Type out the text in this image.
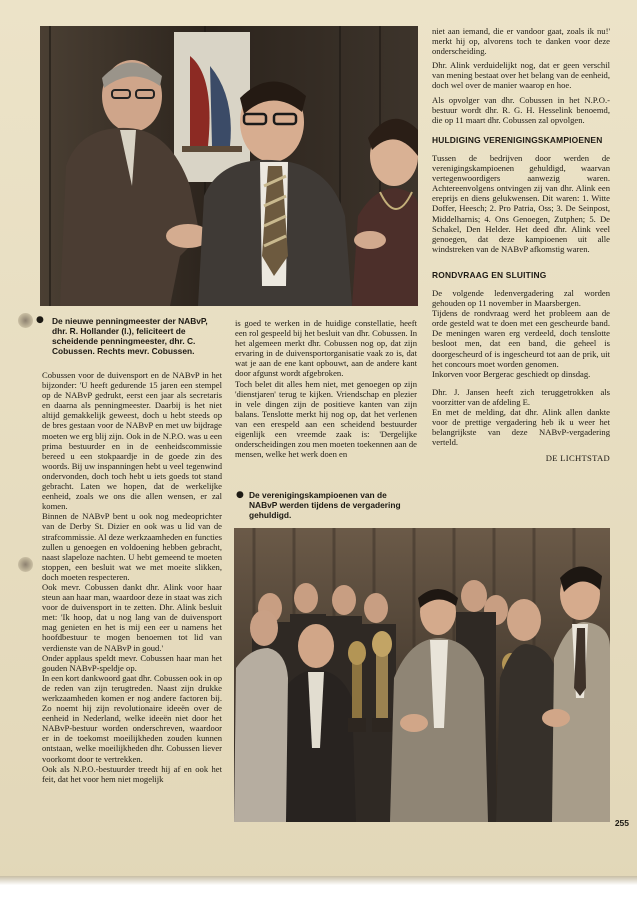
● De nieuwe penningmeester der NABvP, dhr. R. Hollander (l.), feliciteert de scheidende penningmeester, dhr. C. Cobussen. Rechts mevr. Cobussen.

Cobussen voor de duivensport en de NABvP in het bijzonder: 'U heeft gedurende 15 jaren een stempel op de NABvP gedrukt, eerst een jaar als secretaris en daarna als penningmeester. Daarbij is het niet altijd gemakkelijk geweest, doch u hebt steeds op de bres gestaan voor de NABvP en met uw bijdrage moeten we erg blij zijn. Ook in de N.P.O. was u een prima bestuurder en in de eenheidscommissie bereed u een stokpaardje in de goede zin des woords. Bij uw inspanningen hebt u veel tegenwind ondervonden, doch toch hebt u iets goeds tot stand gebracht. Laten we hopen, dat de werkelijke eenheid, zoals we ons die allen wensen, er zal komen.

Binnen de NABvP bent u ook nog medeoprichter van de Derby St. Dizier en ook was u lid van de strafcommissie. Al deze werkzaamheden en functies zullen u genoegen en voldoening hebben gebracht, naast slapeloze nachten. U hebt gemeend te moeten stoppen, een besluit wat we met moeite slikken, doch moeten respecteren.

Ook mevr. Cobussen dankt dhr. Alink voor haar steun aan haar man, waardoor deze in staat was zich voor de duivensport in te zetten. Dhr. Alink besluit met: 'Ik hoop, dat u nog lang van de duivensport mag genieten en het is mij een eer u namens het hoofdbestuur te mogen benoemen tot lid van verdienste van de NABvP in goud.'

Onder applaus speldt mevr. Cobussen haar man het gouden NABvP-speldje op.

In een kort dankwoord gaat dhr. Cobussen ook in op de reden van zijn terugtreden. Naast zijn drukke werkzaamheden komen er nog andere factoren bij. Zo noemt hij zijn revolutionaire ideeën over de eenheid in Nederland, welke ideeën niet door het NABvP-bestuur worden onderschreven, waardoor er in de toekomst moeilijkheden zouden kunnen ontstaan, welke moeilijkheden dhr. Cobussen liever voorkomt door te vertrekken.

Ook als N.P.O.-bestuurder treedt hij af en ook het feit, dat het voor hem niet mogelijk

is goed te werken in de huidige constellatie, heeft een rol gespeeld bij het besluit van dhr. Cobussen. In het algemeen merkt dhr. Cobussen nog op, dat zijn ervaring in de duivensportorganisatie vaak zo is, dat wat je aan de ene kant opbouwt, aan de andere kant door afgunst wordt afgebroken.

Toch belet dit alles hem niet, met genoegen op zijn 'dienstjaren' terug te kijken. Vriendschap en plezier in vele dingen zijn de positieve kanten van zijn balans. Tenslotte merkt hij nog op, dat het verlenen van een erespeld aan een scheidend bestuurder eigenlijk een vreemde zaak is: 'Dergelijke onderscheidingen zou men moeten toekennen aan de mensen, welke het werk doen en

● De verenigingskampioenen van de NABvP werden tijdens de vergadering gehuldigd.

niet aan iemand, die er vandoor gaat, zoals ik nu!' merkt hij op, alvorens toch te danken voor deze onderscheiding.

Dhr. Alink verduidelijkt nog, dat er geen verschil van mening bestaat over het belang van de eenheid, doch wel over de manier waarop en hoe.

Als opvolger van dhr. Cobussen in het N.P.O.-bestuur wordt dhr. R. G. H. Hesselink benoemd, die op 11 maart dhr. Cobussen zal opvolgen.

HULDIGING VERENIGINGSKAMPIOENEN

Tussen de bedrijven door werden de verenigingskampioenen gehuldigd, waarvan vertegenwoordigers aanwezig waren. Achtereenvolgens ontvingen zij van dhr. Alink een ereprijs en diens gelukwensen. Dit waren: 1. Witte Doffer, Heesch; 2. Pro Patria, Oss; 3. De Seinpost, Middelharnis; 4. Ons Genoegen, Zutphen; 5. De Schakel, Den Helder. Het deed dhr. Alink veel genoegen, dat deze kampioenen uit alle windstreken van de NABvP afkomstig waren.

RONDVRAAG EN SLUITING

De volgende ledenvergadering zal worden gehouden op 11 november in Maarsbergen.

Tijdens de rondvraag werd het probleem aan de orde gesteld wat te doen met een gescheurde band. De meningen waren erg verdeeld, doch tenslotte besloot men, dat een band, die geheel is doorgescheurd of is ingescheurd tot aan de prik, uit het concours moet worden genomen.

Inkorven voor Bergerac geschiedt op dinsdag.

Dhr. J. Jansen heeft zich teruggetrokken als voorzitter van de afdeling E.

En met de melding, dat dhr. Alink allen dankte voor de prettige vergadering heb ik u weer het belangrijkste van deze NABvP-vergadering verteld.

DE LICHTSTAD

255
